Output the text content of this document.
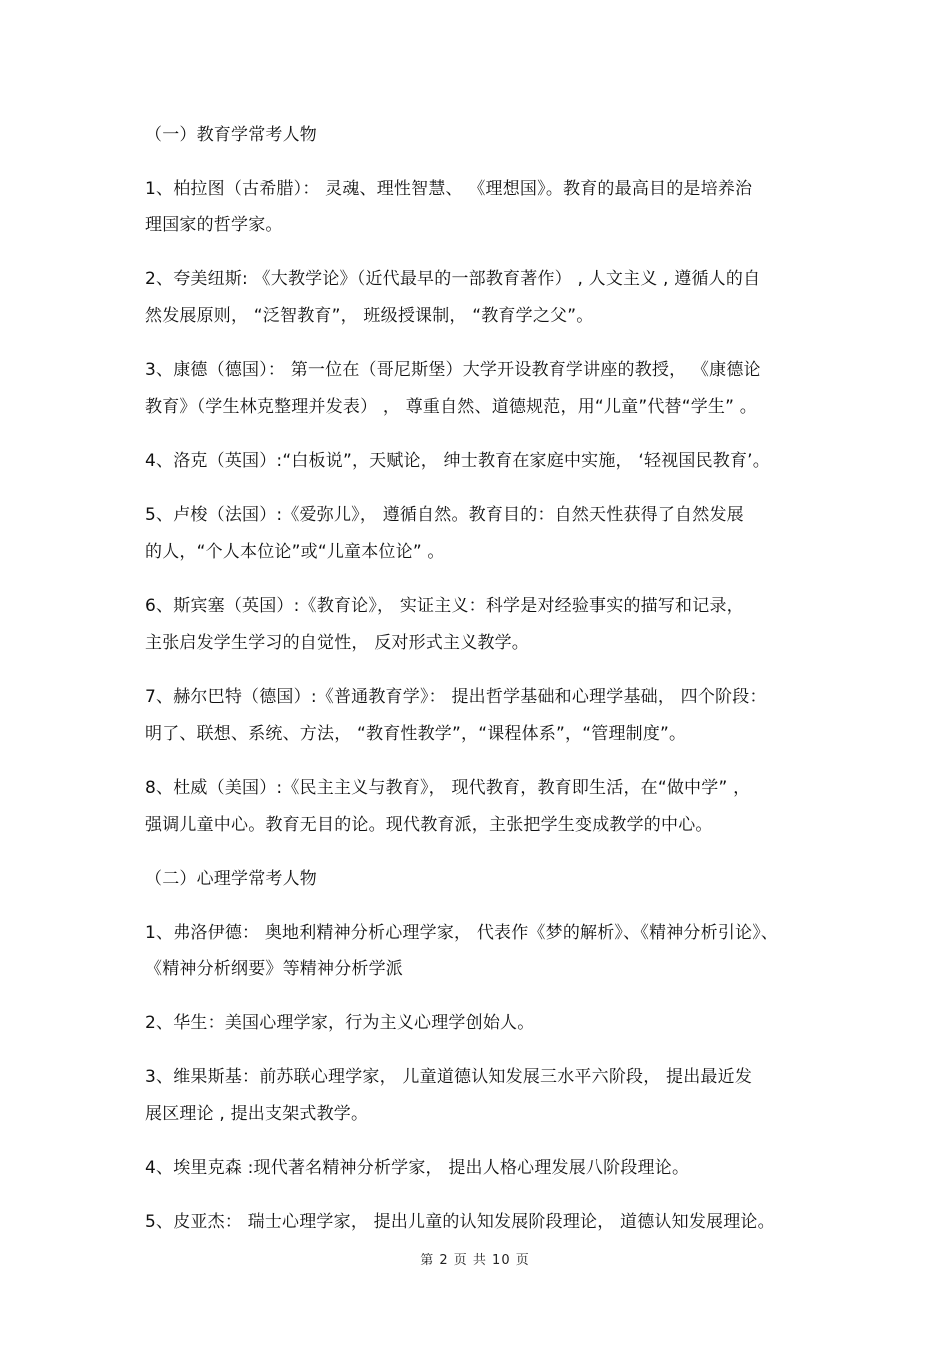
（一）教育学常考人物
1、柏拉图（古希腊）： 灵魂、理性智慧、 《理想国》。教育的最高目的是培养治
理国家的哲学家。
2、夸美纽斯: 《大教学论》（近代最早的一部教育著作） , 人文主义 , 遵循人的自
然发展原则， “泛智教育”， 班级授课制， “教育学之父”。
3、康德（德国）： 第一位在（哥尼斯堡）大学开设教育学讲座的教授， 《康德论
教育》（学生林克整理并发表） ， 尊重自然、道德规范，用“儿童”代替“学生” 。
4、洛克（英国）:“白板说”，天赋论， 绅士教育在家庭中实施， ‘轻视国民教育’。
5、卢梭（法国）:《爱弥儿》， 遵循自然。教育目的：自然天性获得了自然发展
的人，“个人本位论”或“儿童本位论” 。
6、斯宾塞（英国）:《教育论》， 实证主义：科学是对经验事实的描写和记录，
主张启发学生学习的自觉性， 反对形式主义教学。
7、赫尔巴特（德国）:《普通教育学》： 提出哲学基础和心理学基础， 四个阶段：
明了、联想、系统、方法， “教育性教学”，“课程体系”，“管理制度”。
8、杜威（美国）:《民主主义与教育》， 现代教育，教育即生活，在“做中学” ，
强调儿童中心。教育无目的论。现代教育派，主张把学生变成教学的中心。
（二）心理学常考人物
1、弗洛伊德： 奥地利精神分析心理学家， 代表作《梦的解析》、《精神分析引论》、
《精神分析纲要》等精神分析学派
2、华生：美国心理学家，行为主义心理学创始人。
3、维果斯基：前苏联心理学家， 儿童道德认知发展三水平六阶段， 提出最近发
展区理论 , 提出支架式教学。
4、埃里克森 :现代著名精神分析学家， 提出人格心理发展八阶段理论。
5、皮亚杰： 瑞士心理学家， 提出儿童的认知发展阶段理论， 道德认知发展理论。
第 2 页 共 10 页
